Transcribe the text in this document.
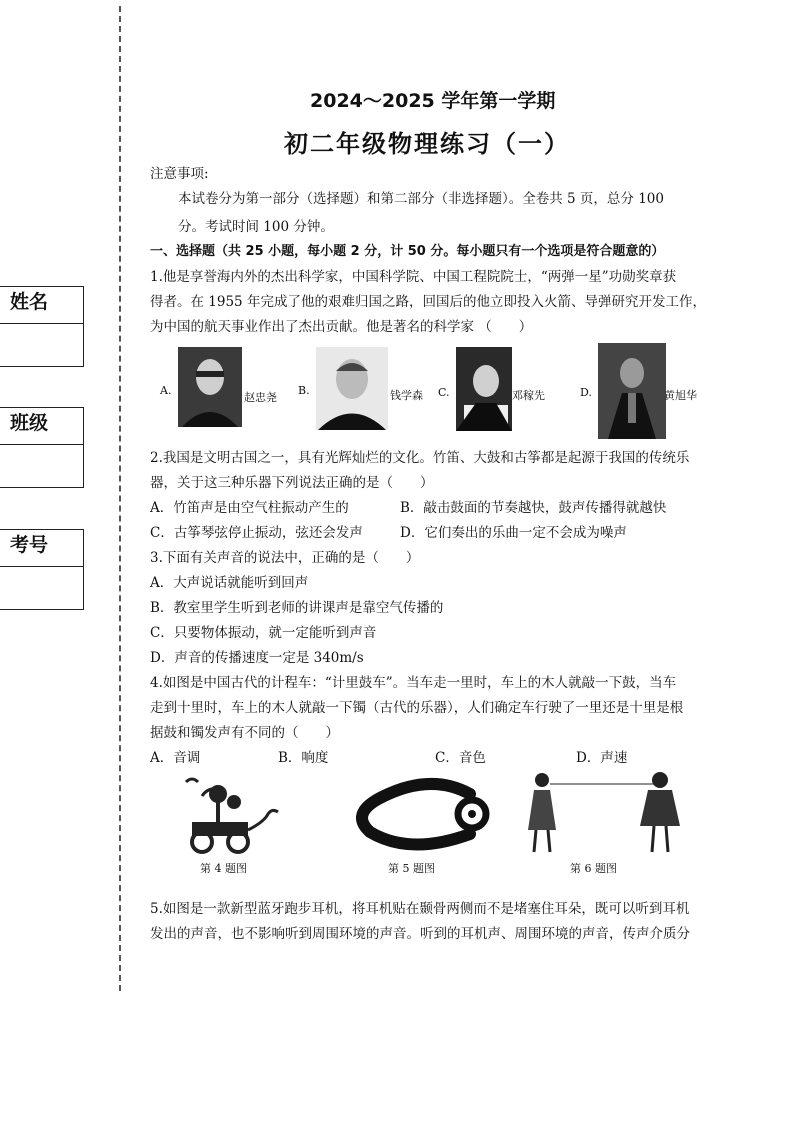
姓名
班级
考号
2024～2025 学年第一学期
初二年级物理练习（一）
注意事项:
本试卷分为第一部分（选择题）和第二部分（非选择题）。全卷共 5 页，总分 100
分。考试时间 100 分钟。
一、选择题（共 25 小题，每小题 2 分，计 50 分。每小题只有一个选项是符合题意的）
1.他是享誉海内外的杰出科学家，中国科学院、中国工程院院士，“两弹一星”功勋奖章获
得者。在 1955 年完成了他的艰难归国之路，回国后的他立即投入火箭、导弹研究开发工作，
为中国的航天事业作出了杰出贡献。他是著名的科学家 （　　）
A.
赵忠尧
B.	钱学森 C.	邓稼先	D.	黄旭华
2.我国是文明古国之一，具有光辉灿烂的文化。竹笛、大鼓和古筝都是起源于我国的传统乐
器，关于这三种乐器下列说法正确的是（　　）
A．竹笛声是由空气柱振动产生的	B．敲击鼓面的节奏越快，鼓声传播得就越快
C．古筝琴弦停止振动，弦还会发声	D．它们奏出的乐曲一定不会成为噪声
3.下面有关声音的说法中，正确的是（　　）
A．大声说话就能听到回声
B．教室里学生听到老师的讲课声是靠空气传播的
C．只要物体振动，就一定能听到声音
D．声音的传播速度一定是 340m/s
4.如图是中国古代的计程车：“计里鼓车”。当车走一里时，车上的木人就敲一下鼓，当车
走到十里时，车上的木人就敲一下镯（古代的乐器），人们确定车行驶了一里还是十里是根
据鼓和镯发声有不同的（　　）
A．音调	B．响度	C．音色	D．声速
第 4 题图	第 5 题图	第 6 题图
5.如图是一款新型蓝牙跑步耳机，将耳机贴在颞骨两侧而不是堵塞住耳朵，既可以听到耳机
发出的声音，也不影响听到周围环境的声音。听到的耳机声、周围环境的声音，传声介质分
